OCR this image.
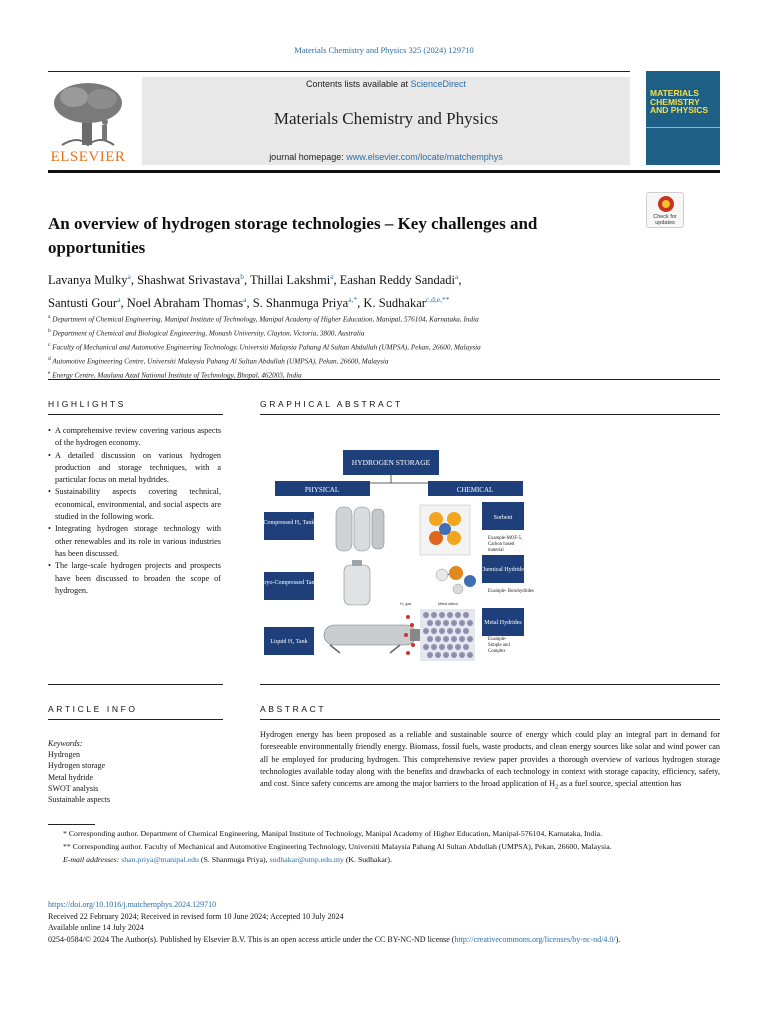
Materials Chemistry and Physics 325 (2024) 129710
ELSEVIER
Contents lists available at ScienceDirect
Materials Chemistry and Physics
journal homepage: www.elsevier.com/locate/matchemphys
MATERIALS CHEMISTRY AND PHYSICS
Check for updates
An overview of hydrogen storage technologies – Key challenges and opportunities
Lavanya Mulky$^a$, Shashwat Srivastava$^b$, Thillai Lakshmi$^a$, Eashan Reddy Sandadi$^a$,
Santusti Gour$^a$, Noel Abraham Thomas$^a$, S. Shanmuga Priya$^{a,*}$, K. Sudhakar$^{c,d,e,**}$
$^a$ Department of Chemical Engineering, Manipal Institute of Technology, Manipal Academy of Higher Education, Manipal, 576104, Karnataka, India
$^b$ Department of Chemical and Biological Engineering, Monash University, Clayton, Victoria, 3800, Australia
$^c$ Faculty of Mechanical and Automotive Engineering Technology, Universiti Malaysia Pahang Al Sultan Abdullah (UMPSA), Pekan, 26600, Malaysia
$^d$ Automotive Engineering Centre, Universiti Malaysia Pahang Al Sultan Abdullah (UMPSA), Pekan, 26600, Malaysia
$^e$ Energy Centre, Maulana Azad National Institute of Technology, Bhopal, 462003, India
HIGHLIGHTS	GRAPHICAL ABSTRACT
• A comprehensive review covering various aspects of the hydrogen economy.
• A detailed discussion on various hydrogen production and storage techniques, with a particular focus on metal hydrides.
• Sustainability aspects covering technical, economical, environmental, and social aspects are studied in the following work.
• Integrating hydrogen storage technology with other renewables and its role in various industries has been discussed.
• The large-scale hydrogen projects and prospects have been discussed to broaden the scope of hydrogen.
HYDROGEN STORAGE
PHYSICAL	CHEMICAL
Compressed H₂ Tank
Cryo-Compressed Tank
Liquid H₂ Tank
Sorbent
Chemical Hydrides
Metal Hydrides
Example-MOF-5,
Carbon based
material
Example- Borohydrides
H₂ gas	Metal lattice
Example-
Simple and
Complex
ARTICLE INFO	ABSTRACT
Keywords:
Hydrogen
Hydrogen storage
Metal hydride
SWOT analysis
Sustainable aspects

Hydrogen energy has been proposed as a reliable and sustainable source of energy which could play an integral part in demand for foreseeable environmentally friendly energy. Biomass, fossil fuels, waste products, and clean energy sources like solar and wind power can all be employed for producing hydrogen. This comprehensive review paper provides a thorough overview of various hydrogen storage technologies available today along with the benefits and drawbacks of each technology in context with storage capacity, efficiency, safety, and cost. Since safety concerns are among the major barriers to the broad application of $H_2$ as a fuel source, special attention has

* Corresponding author. Department of Chemical Engineering, Manipal Institute of Technology, Manipal Academy of Higher Education, Manipal-576104, Karnataka, India.

** Corresponding author. Faculty of Mechanical and Automotive Engineering Technology, Universiti Malaysia Pahang Al Sultan Abdullah (UMPSA), Pekan, 26600, Malaysia.

E-mail addresses: shan.priya@manipal.edu (S. Shanmuga Priya), sudhakar@ump.edu.my (K. Sudhakar).

https://doi.org/10.1016/j.matchemphys.2024.129710
Received 22 February 2024; Received in revised form 10 June 2024; Accepted 10 July 2024
Available online 14 July 2024
0254-0584/© 2024 The Author(s). Published by Elsevier B.V. This is an open access article under the CC BY-NC-ND license (http://creativecommons.org/licenses/by-nc-nd/4.0/).
